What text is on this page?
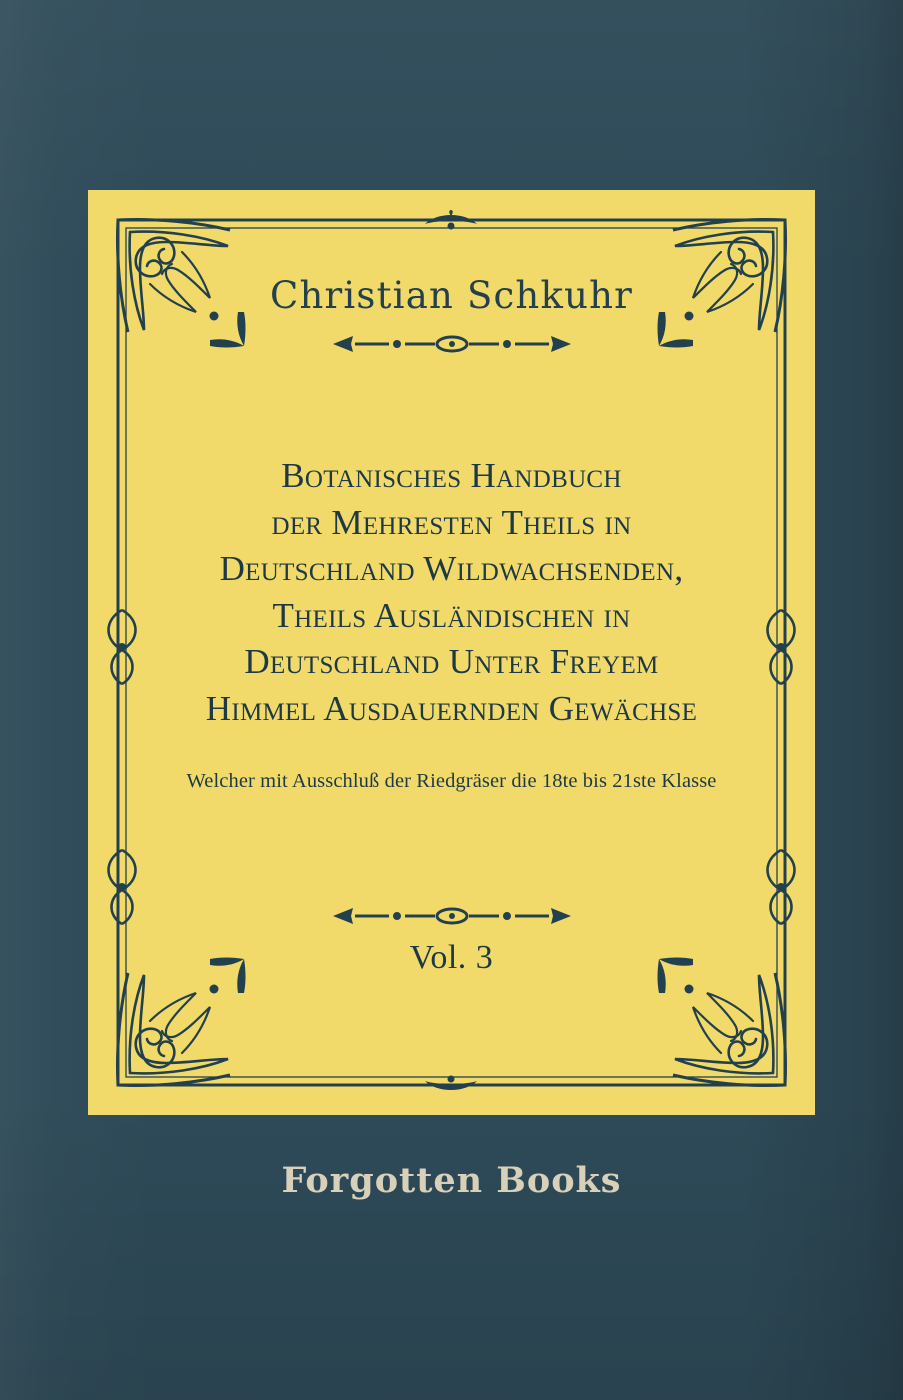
Christian Schkuhr
Botanisches Handbuch
der Mehresten Theils in
Deutschland Wildwachsenden,
Theils Ausländischen in
Deutschland Unter Freyem
Himmel Ausdauernden Gewächse
Welcher mit Ausschluß der Riedgräser die 18te bis 21ste Klasse
Vol. 3
Forgotten Books
